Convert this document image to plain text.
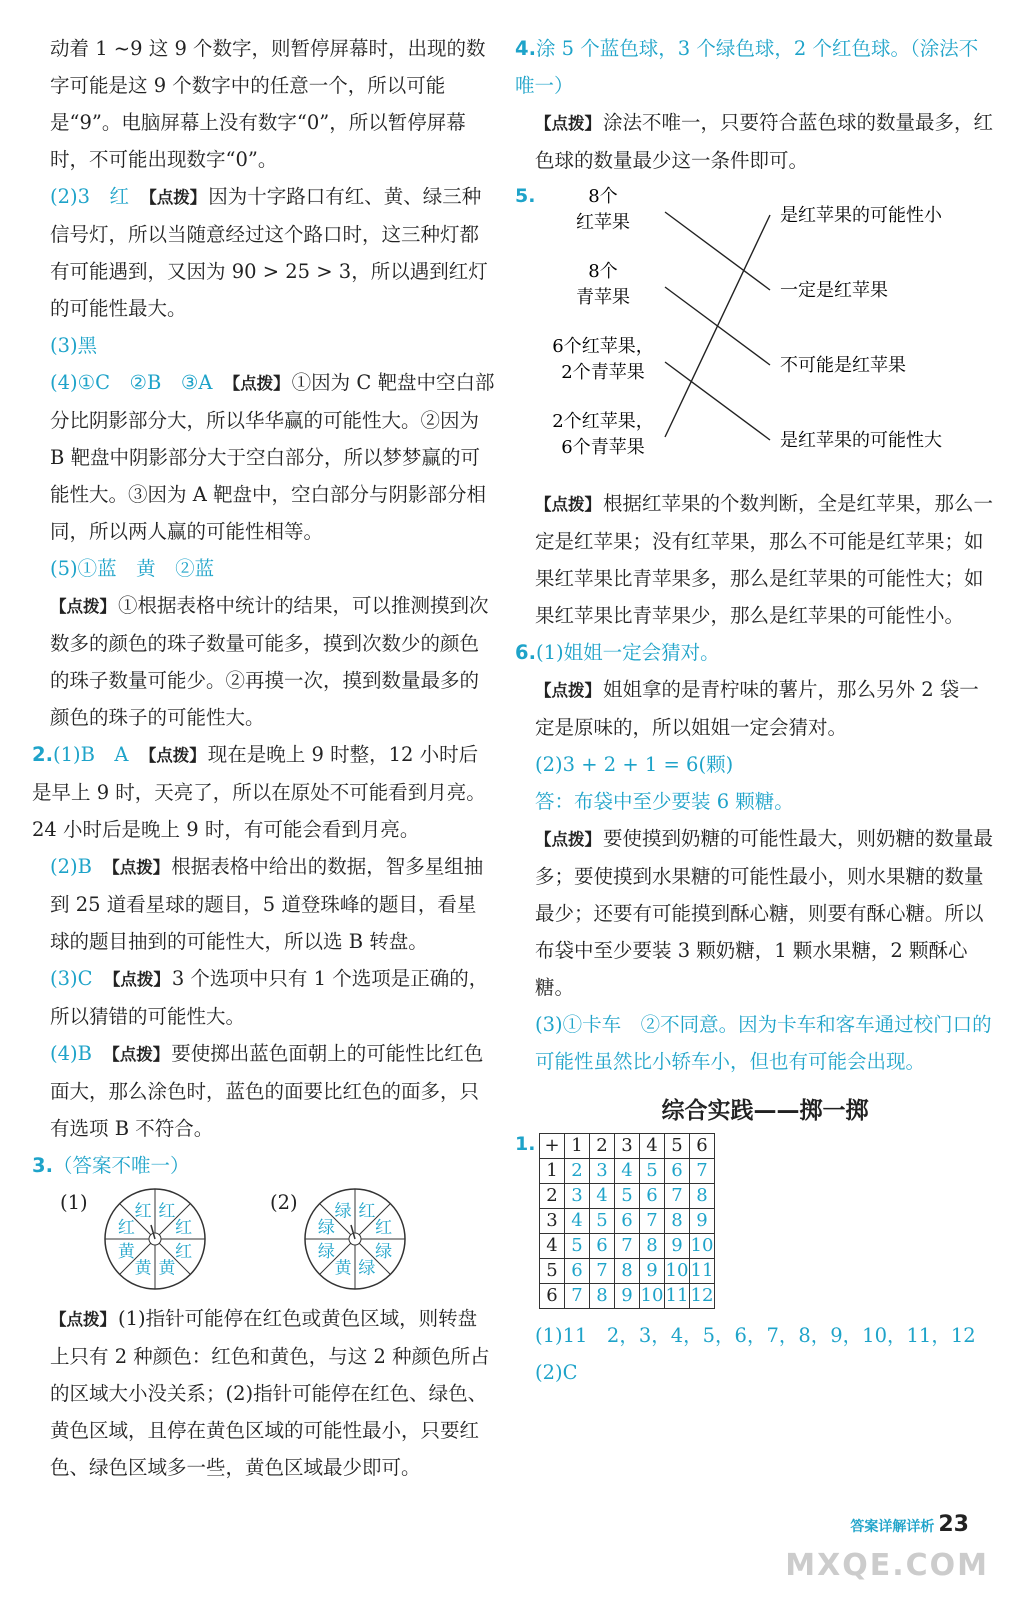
动着 1 ~9 这 9 个数字，则暂停屏幕时，出现的数字可能是这 9 个数字中的任意一个，所以可能是“9”。电脑屏幕上没有数字“0”，所以暂停屏幕时，不可能出现数字“0”。

(2)3　红　 【点拨】 因为十字路口有红、黄、绿三种信号灯，所以当随意经过这个路口时，这三种灯都有可能遇到，又因为 90 > 25 > 3，所以遇到红灯的可能性最大。

(3)黑

(4)①C　②B　③A　 【点拨】 ①因为 C 靶盘中空白部分比阴影部分大，所以华华赢的可能性大。②因为 B 靶盘中阴影部分大于空白部分，所以梦梦赢的可能性大。③因为 A 靶盘中，空白部分与阴影部分相同，所以两人赢的可能性相等。

(5)①蓝　黄　②蓝

【点拨】 ①根据表格中统计的结果，可以推测摸到次数多的颜色的珠子数量可能多，摸到次数少的颜色的珠子数量可能少。②再摸一次，摸到数量最多的颜色的珠子的可能性大。

2.(1)B　A　 【点拨】 现在是晚上 9 时整，12 小时后是早上 9 时，天亮了，所以在原处不可能看到月亮。24 小时后是晚上 9 时，有可能会看到月亮。

(2)B　 【点拨】 根据表格中给出的数据，智多星组抽到 25 道看星球的题目，5 道登珠峰的题目，看星球的题目抽到的可能性大，所以选 B 转盘。

(3)C　 【点拨】 3 个选项中只有 1 个选项是正确的，所以猜错的可能性大。

(4)B　 【点拨】 要使掷出蓝色面朝上的可能性比红色面大，那么涂色时，蓝色的面要比红色的面多，只有选项 B 不符合。

3.（答案不唯一）

(1)	红
红
红
黄
黄
黄
红
红	(2)	红
红
绿
绿
黄
绿
绿
绿

【点拨】 (1)指针可能停在红色或黄色区域，则转盘上只有 2 种颜色：红色和黄色，与这 2 种颜色所占的区域大小没关系；(2)指针可能停在红色、绿色、黄色区域，且停在黄色区域的可能性最小，只要红色、绿色区域多一些，黄色区域最少即可。

4.涂 5 个蓝色球，3 个绿色球，2 个红色球。（涂法不唯一）

【点拨】 涂法不唯一，只要符合蓝色球的数量最多，红色球的数量最少这一条件即可。

5.	8个
红苹果
8个
青苹果
6个红苹果，
2个青苹果
2个红苹果，
6个青苹果
是红苹果的可能性小
一定是红苹果
不可能是红苹果
是红苹果的可能性大

【点拨】 根据红苹果的个数判断，全是红苹果，那么一定是红苹果；没有红苹果，那么不可能是红苹果；如果红苹果比青苹果多，那么是红苹果的可能性大；如果红苹果比青苹果少，那么是红苹果的可能性小。

6.(1)姐姐一定会猜对。

【点拨】 姐姐拿的是青柠味的薯片，那么另外 2 袋一定是原味的，所以姐姐一定会猜对。

(2)3 + 2 + 1 = 6(颗)

答：布袋中至少要装 6 颗糖。

【点拨】 要使摸到奶糖的可能性最大，则奶糖的数量最多；要使摸到水果糖的可能性最小，则水果糖的数量最少；还要有可能摸到酥心糖，则要有酥心糖。所以布袋中至少要装 3 颗奶糖，1 颗水果糖，2 颗酥心糖。

(3)①卡车　②不同意。因为卡车和客车通过校门口的可能性虽然比小轿车小，但也有可能会出现。

综合实践——掷一掷
1. +	1	2	3	4	5	6
1	2	3	4	5	6	7
2	3	4	5	6	7	8
3	4	5	6	7	8	9
4	5	6	7	8	9	10
5	6	7	8	9	10	11
6	7	8	9	10	11	12

(1)11　2，3，4，5，6，7，8，9，10，11，12

(2)C

答案详解详析 23
MXQE.COM
